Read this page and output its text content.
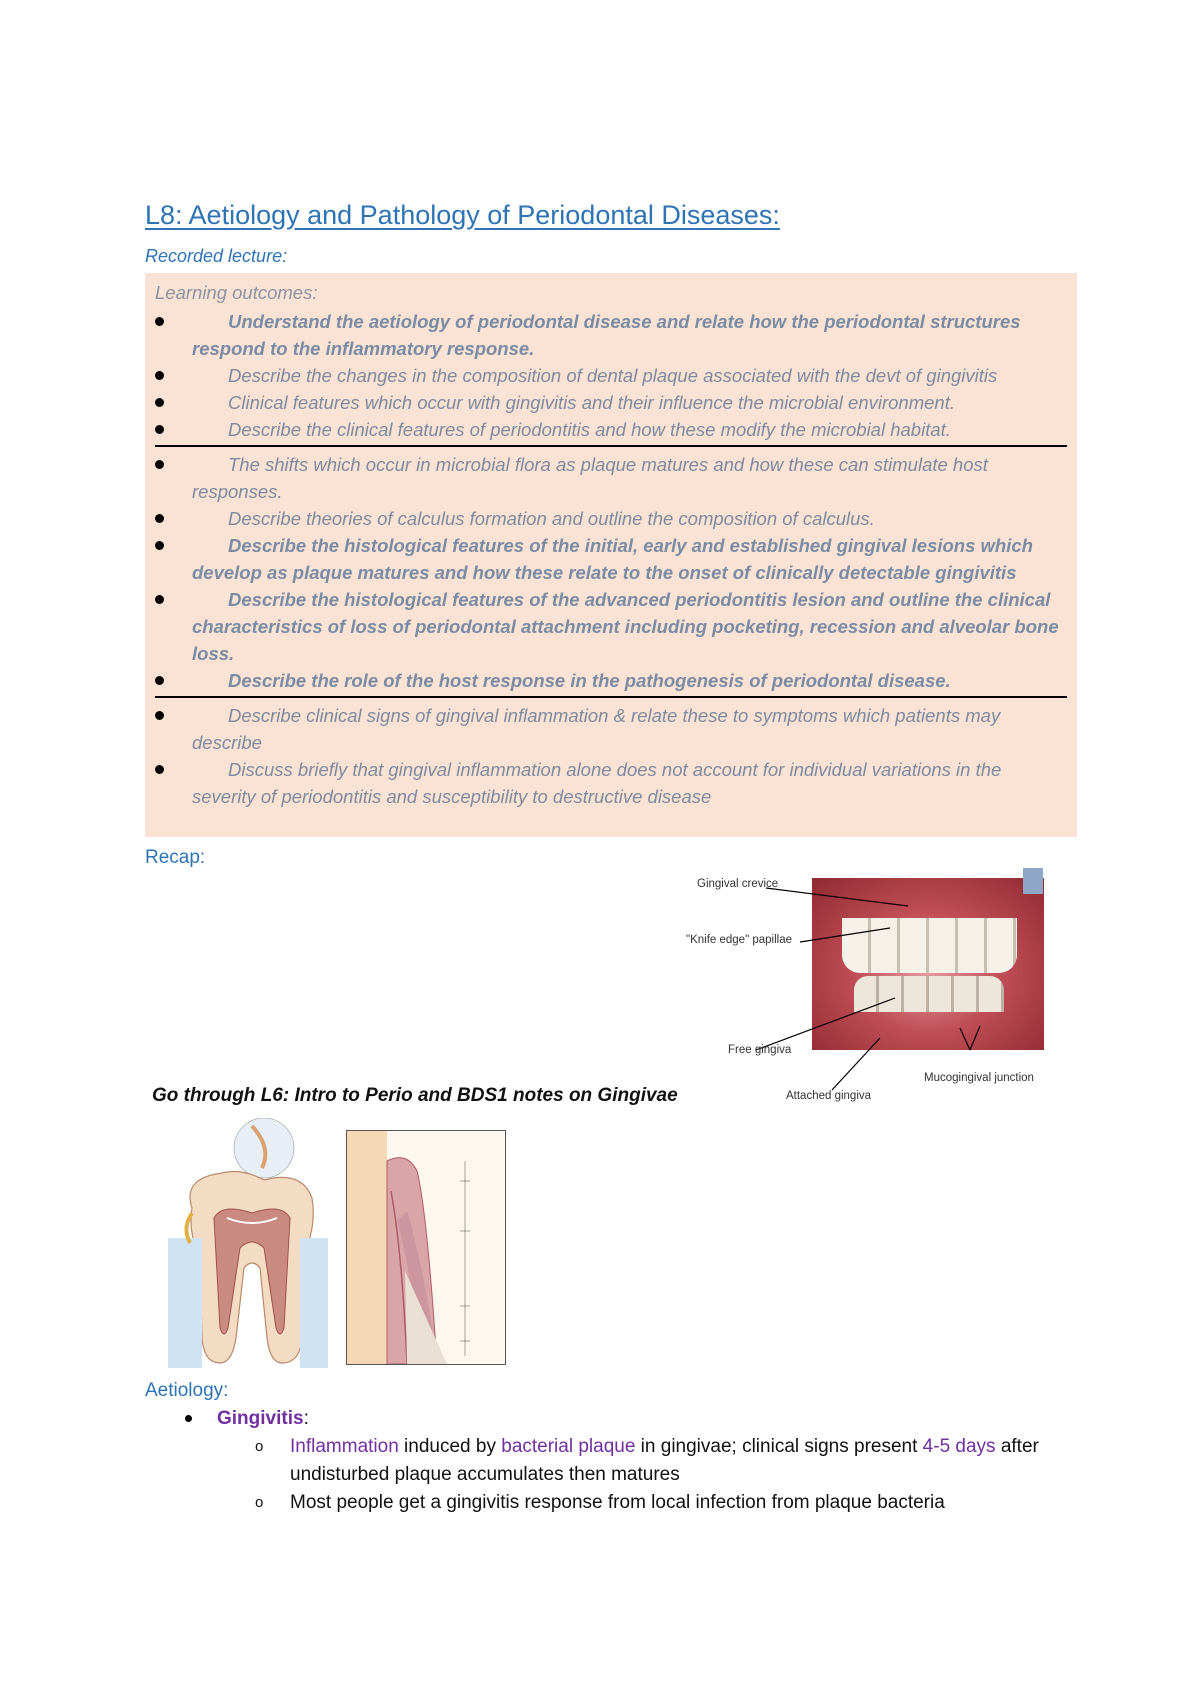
L8: Aetiology and Pathology of Periodontal Diseases:
Recorded lecture:
Learning outcomes:
Understand the aetiology of periodontal disease and relate how the periodontal structures respond to the inflammatory response.
Describe the changes in the composition of dental plaque associated with the devt of gingivitis
Clinical features which occur with gingivitis and their influence the microbial environment.
Describe the clinical features of periodontitis and how these modify the microbial habitat.
The shifts which occur in microbial flora as plaque matures and how these can stimulate host responses.
Describe theories of calculus formation and outline the composition of calculus.
Describe the histological features of the initial, early and established gingival lesions which develop as plaque matures and how these relate to the onset of clinically detectable gingivitis
Describe the histological features of the advanced periodontitis lesion and outline the clinical characteristics of loss of periodontal attachment including pocketing, recession and alveolar bone loss.
Describe the role of the host response in the pathogenesis of periodontal disease.
Describe clinical signs of gingival inflammation & relate these to symptoms which patients may describe
Discuss briefly that gingival inflammation alone does not account for individual variations in the severity of periodontitis and susceptibility to destructive disease
Recap:
Gingival crevice
"Knife edge" papillae
Free gingiva
Attached gingiva
Mucogingival junction
Go through L6: Intro to Perio and BDS1 notes on Gingivae
Aetiology:
Gingivitis:
o Inflammation induced by bacterial plaque in gingivae; clinical signs present 4-5 days after undisturbed plaque accumulates then matures
o Most people get a gingivitis response from local infection from plaque bacteria
